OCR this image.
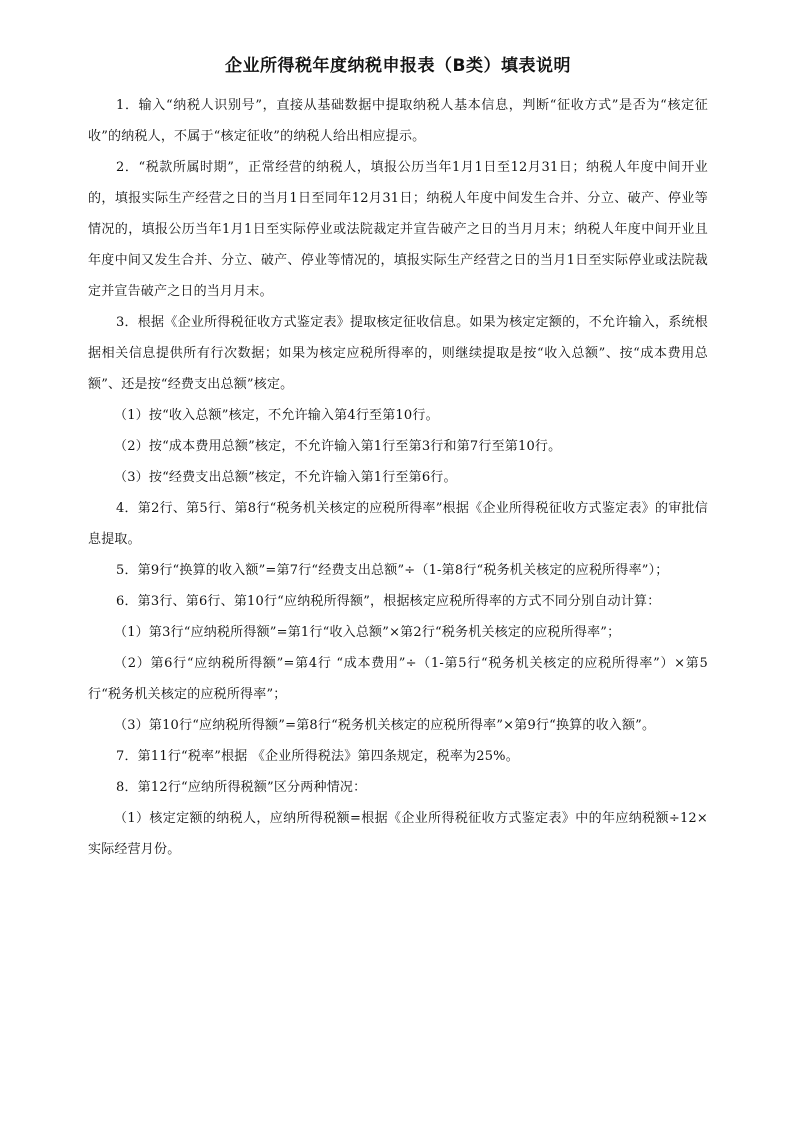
企业所得税年度纳税申报表（B类）填表说明

1．输入“纳税人识别号”，直接从基础数据中提取纳税人基本信息，判断“征收方式”是否为“核定征收”的纳税人，不属于“核定征收”的纳税人给出相应提示。

2．“税款所属时期”，正常经营的纳税人，填报公历当年1月1日至12月31日；纳税人年度中间开业的，填报实际生产经营之日的当月1日至同年12月31日；纳税人年度中间发生合并、分立、破产、停业等情况的，填报公历当年1月1日至实际停业或法院裁定并宣告破产之日的当月月末；纳税人年度中间开业且年度中间又发生合并、分立、破产、停业等情况的，填报实际生产经营之日的当月1日至实际停业或法院裁定并宣告破产之日的当月月末。

3．根据《企业所得税征收方式鉴定表》提取核定征收信息。如果为核定定额的，不允许输入，系统根据相关信息提供所有行次数据；如果为核定应税所得率的，则继续提取是按“收入总额”、按“成本费用总额”、还是按“经费支出总额”核定。

（1）按“收入总额”核定，不允许输入第4行至第10行。

（2）按“成本费用总额”核定，不允许输入第1行至第3行和第7行至第10行。

（3）按“经费支出总额”核定，不允许输入第1行至第6行。

4．第2行、第5行、第8行“税务机关核定的应税所得率”根据《企业所得税征收方式鉴定表》的审批信息提取。

5．第9行“换算的收入额”=第7行“经费支出总额”÷（1-第8行“税务机关核定的应税所得率”）；

6．第3行、第6行、第10行“应纳税所得额”，根据核定应税所得率的方式不同分别自动计算：

（1）第3行“应纳税所得额”=第1行“收入总额”×第2行“税务机关核定的应税所得率”；

（2）第6行“应纳税所得额”=第4行 “成本费用”÷（1-第5行“税务机关核定的应税所得率”）×第5行“税务机关核定的应税所得率”；

（3）第10行“应纳税所得额”=第8行“税务机关核定的应税所得率”×第9行“换算的收入额”。

7．第11行“税率”根据 《企业所得税法》第四条规定，税率为25%。

8．第12行“应纳所得税额”区分两种情况：

（1）核定定额的纳税人，应纳所得税额=根据《企业所得税征收方式鉴定表》中的年应纳税额÷12×实际经营月份。
